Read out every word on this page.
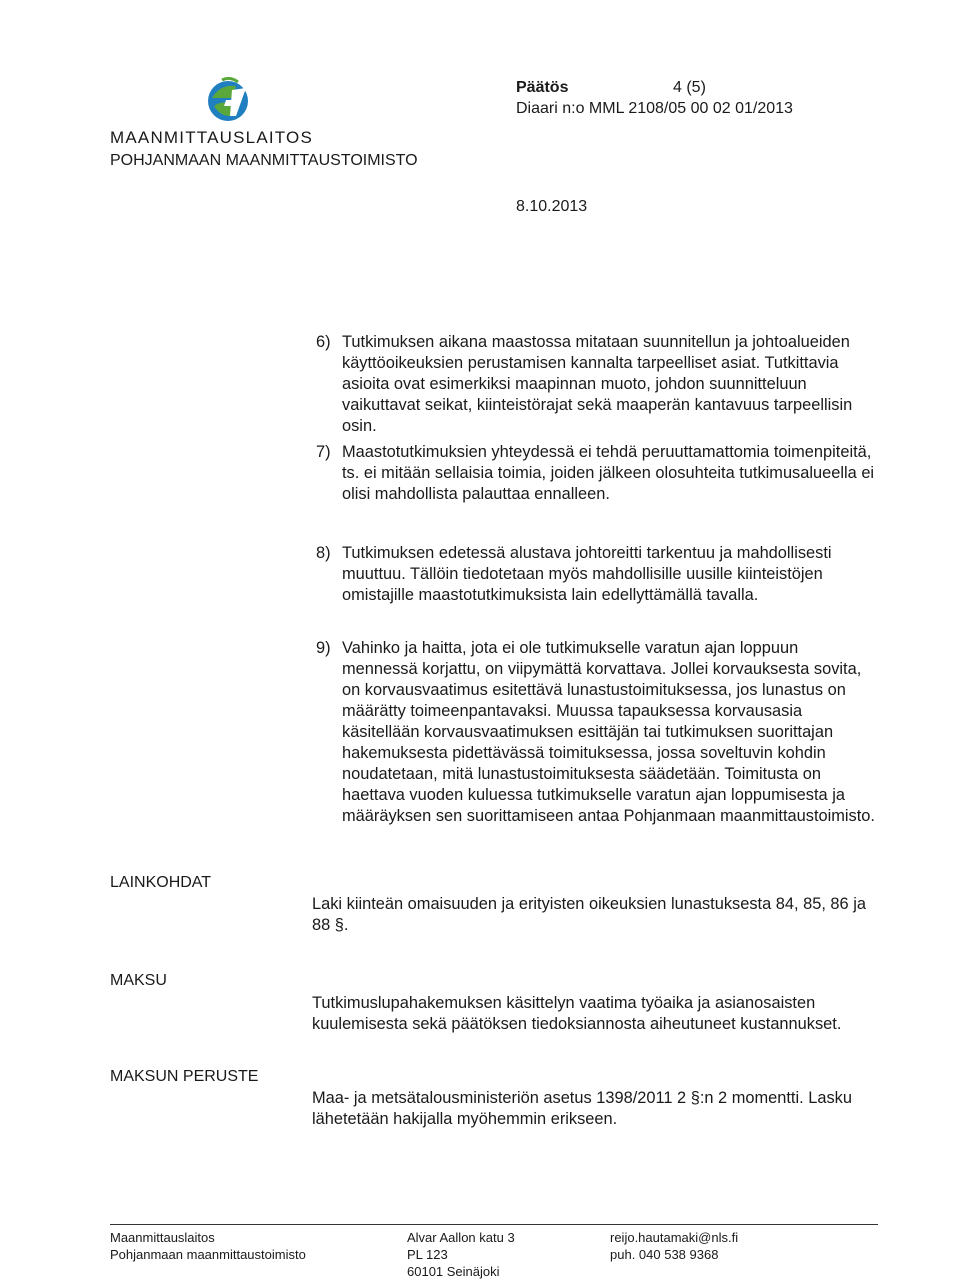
MAANMITTAUSLAITOS
POHJANMAAN MAANMITTAUSTOIMISTO
Päätös	4 (5)
Diaari n:o MML 2108/05 00 02 01/2013
8.10.2013
6) Tutkimuksen aikana maastossa mitataan suunnitellun ja johtoalueiden käyttöoikeuksien perustamisen kannalta tarpeelliset asiat. Tutkittavia asioita ovat esimerkiksi maapinnan muoto, johdon suunnitteluun vaikuttavat seikat, kiinteistörajat sekä maaperän kantavuus tarpeellisin osin.
7) Maastotutkimuksien yhteydessä ei tehdä peruuttamattomia toimenpiteitä, ts. ei mitään sellaisia toimia, joiden jälkeen olosuhteita tutkimusalueella ei olisi mahdollista palauttaa ennalleen.
8) Tutkimuksen edetessä alustava johtoreitti tarkentuu ja mahdollisesti muuttuu. Tällöin tiedotetaan myös mahdollisille uusille kiinteistöjen omistajille maastotutkimuksista lain edellyttämällä tavalla.
9) Vahinko ja haitta, jota ei ole tutkimukselle varatun ajan loppuun mennessä korjattu, on viipymättä korvattava. Jollei korvauksesta sovita, on korvausvaatimus esitettävä lunastustoimituksessa, jos lunastus on määrätty toimeenpantavaksi. Muussa tapauksessa korvausasia käsitellään korvausvaatimuksen esittäjän tai tutkimuksen suorittajan hakemuksesta pidettävässä toimituksessa, jossa soveltuvin kohdin noudatetaan, mitä lunastustoimituksesta säädetään. Toimitusta on haettava vuoden kuluessa tutkimukselle varatun ajan loppumisesta ja määräyksen sen suorittamiseen antaa Pohjanmaan maanmittaustoimisto.
LAINKOHDAT
Laki kiinteän omaisuuden ja erityisten oikeuksien lunastuksesta 84, 85, 86 ja 88 §.
MAKSU
Tutkimuslupahakemuksen käsittelyn vaatima työaika ja asianosaisten kuulemisesta sekä päätöksen tiedoksiannosta aiheutuneet kustannukset.
MAKSUN PERUSTE
Maa- ja metsätalousministeriön asetus 1398/2011 2 §:n 2 momentti. Lasku lähetetään hakijalla myöhemmin erikseen.
Maanmittauslaitos
Pohjanmaan maanmittaustoimisto
Alvar Aallon katu 3
PL 123
60101 Seinäjoki
reijo.hautamaki@nls.fi
puh. 040 538 9368
